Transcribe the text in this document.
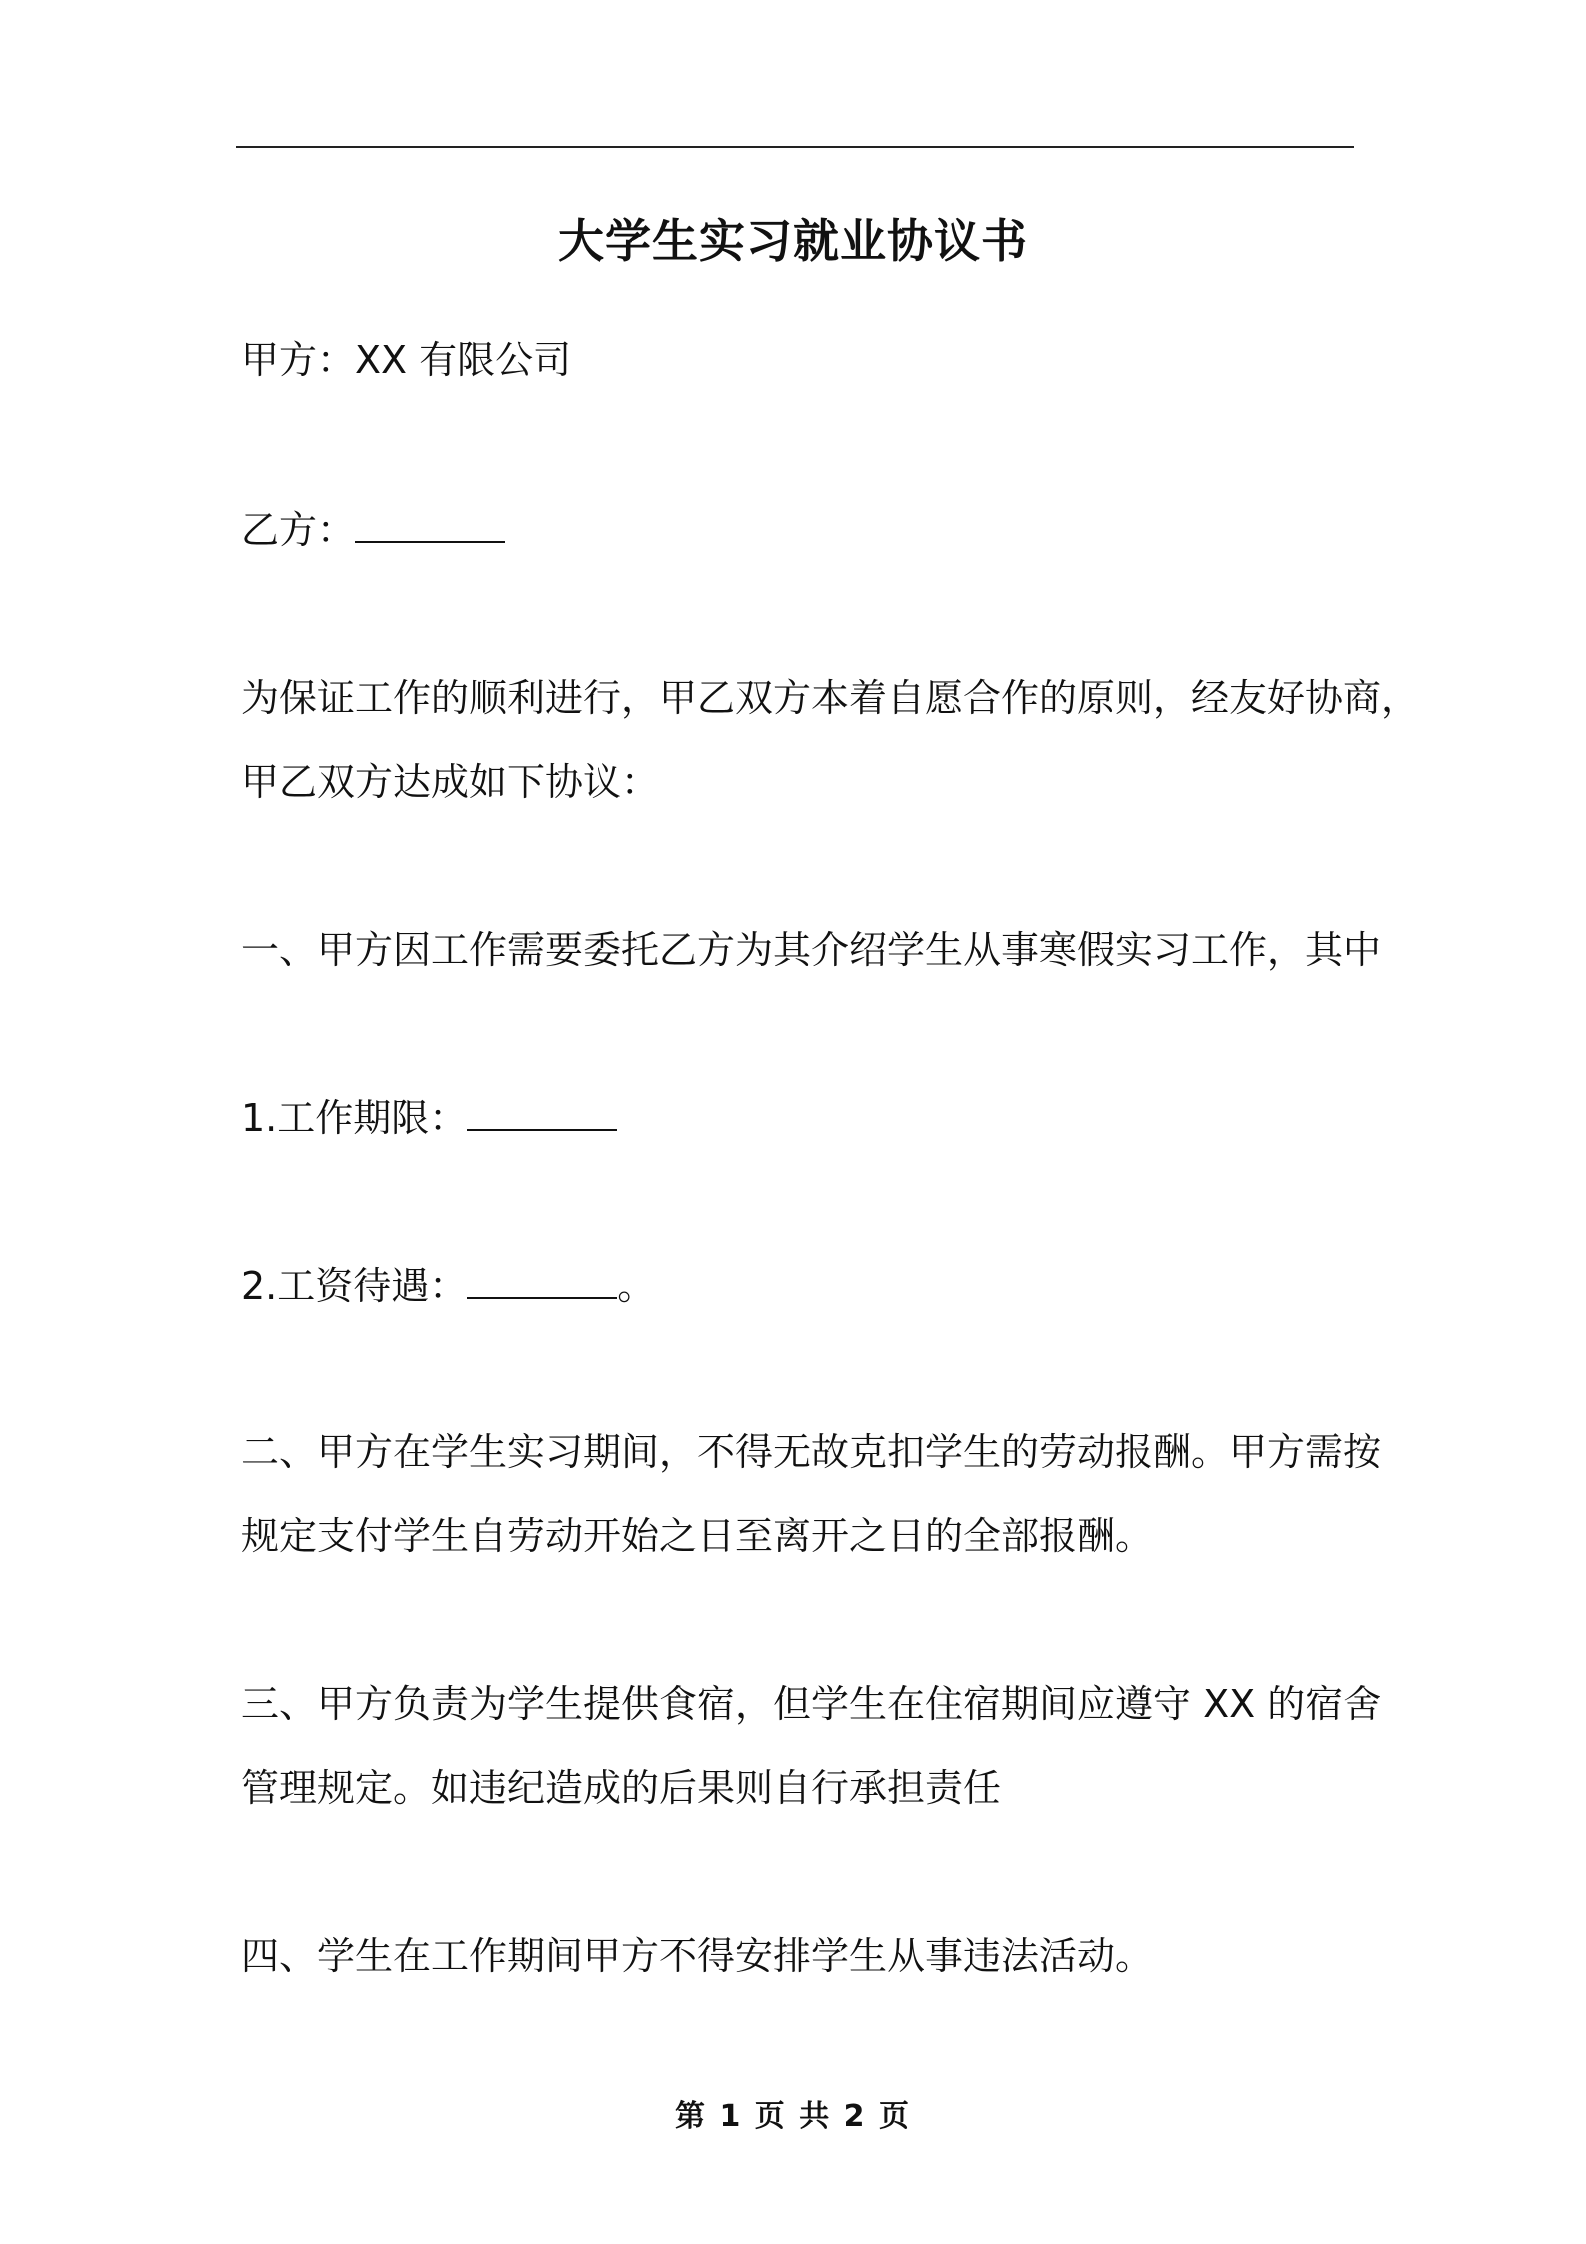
大学生实习就业协议书
甲方：XX 有限公司
乙方：
为保证工作的顺利进行，甲乙双方本着自愿合作的原则，经友好协商，
甲乙双方达成如下协议：
一、甲方因工作需要委托乙方为其介绍学生从事寒假实习工作，其中
1.工作期限：
2.工资待遇：	。
二、甲方在学生实习期间，不得无故克扣学生的劳动报酬。甲方需按
规定支付学生自劳动开始之日至离开之日的全部报酬。
三、甲方负责为学生提供食宿，但学生在住宿期间应遵守 XX 的宿舍
管理规定。如违纪造成的后果则自行承担责任
四、学生在工作期间甲方不得安排学生从事违法活动。
第 1 页 共 2 页
